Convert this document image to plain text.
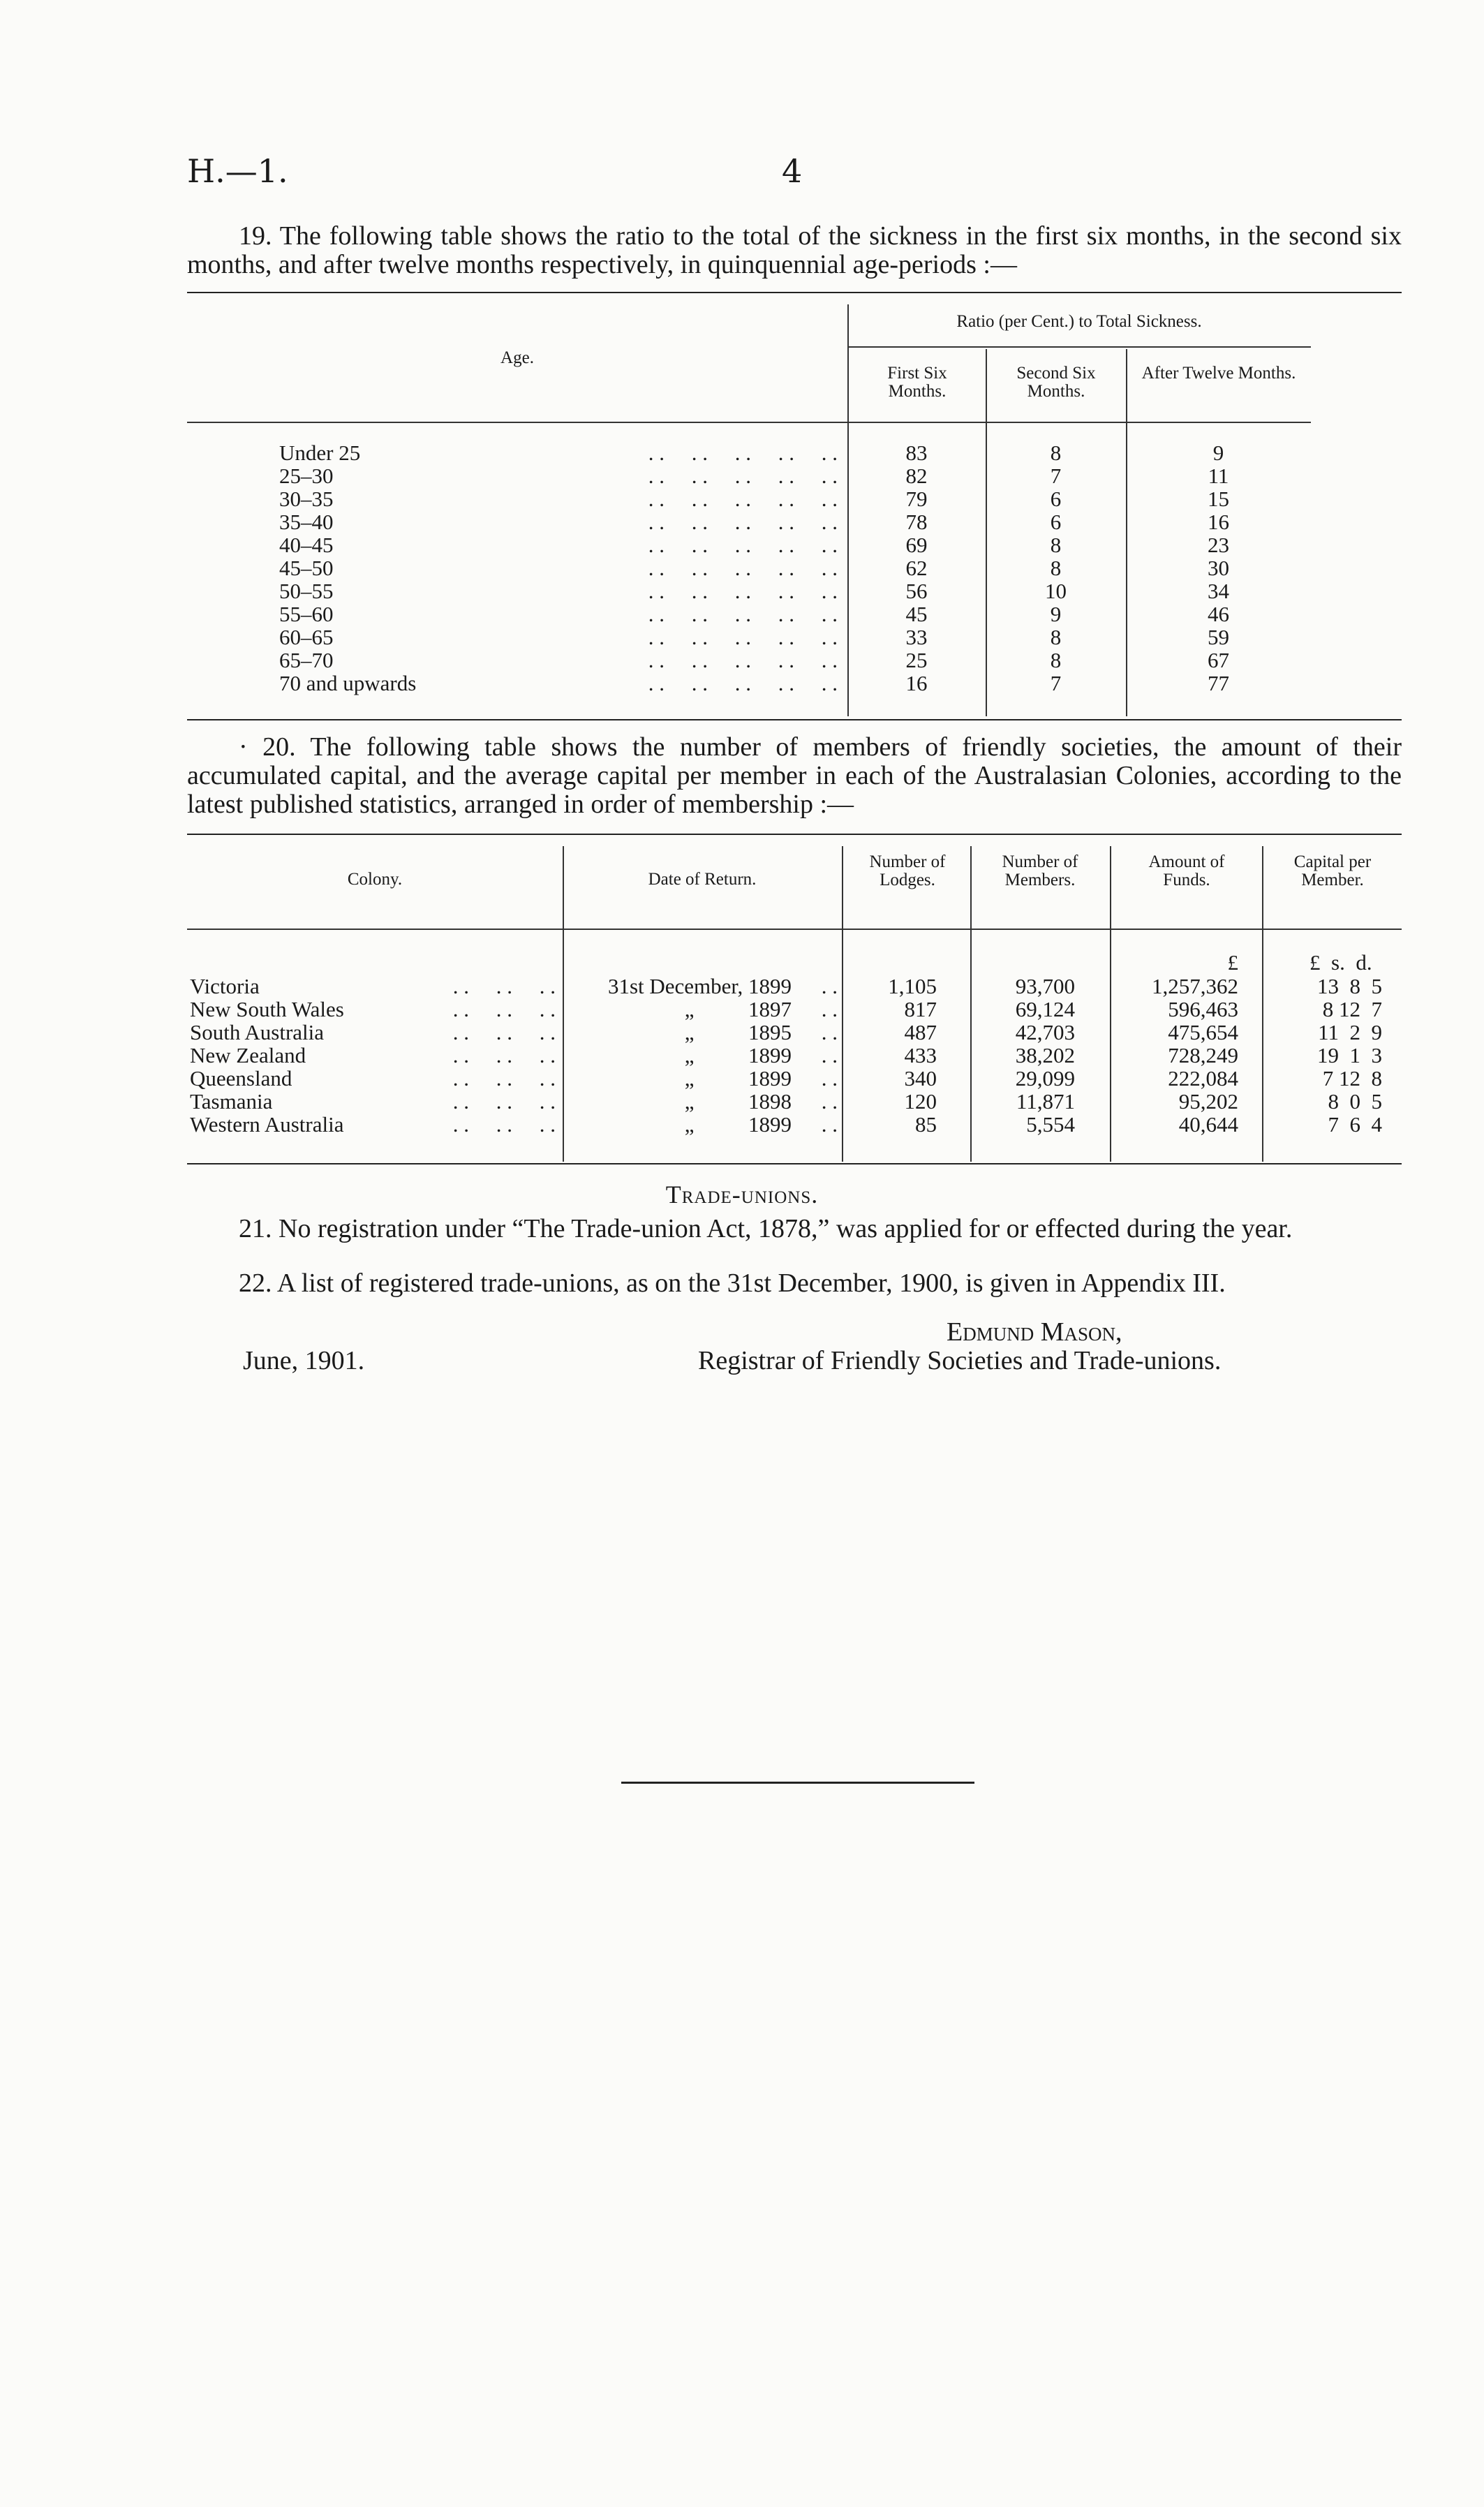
H.—1.	4
19. The following table shows the ratio to the total of the sickness in the first six months, in the second six months, and after twelve months respectively, in quinquennial age-periods :—
Age.
Ratio (per Cent.) to Total Sickness.
First Six Months.
Second Six Months.
After Twelve Months.
Under 25	83	8	9
. .     . .     . .     . .     . .
25–30	82	7	11
. .     . .     . .     . .     . .
30–35	79	6	15
. .     . .     . .     . .     . .
35–40	78	6	16
. .     . .     . .     . .     . .
40–45	69	8	23
. .     . .     . .     . .     . .
45–50	62	8	30
. .     . .     . .     . .     . .
50–55	56	10	34
. .     . .     . .     . .     . .
55–60	45	9	46
. .     . .     . .     . .     . .
60–65	33	8	59
. .     . .     . .     . .     . .
65–70	25	8	67
. .     . .     . .     . .     . .
70 and upwards	16	7	77
. .     . .     . .     . .     . .
· 20. The following table shows the number of members of friendly societies, the amount of their accumulated capital, and the average capital per member in each of the Australasian Colonies, according to the latest published statistics, arranged in order of membership :—
Colony.	Date of Return.
Number of Lodges.
Number of Members.
Amount of Funds.
Capital per Member.
£	£  s.  d.
Victoria	. .     . .     . .	31st December, 1899	. .	1,105	93,700	1,257,362	13  8  5
New South Wales	. .     . .     . .	„          1897	. .	817	69,124	596,463	8 12  7
South Australia	. .     . .     . .	„          1895	. .	487	42,703	475,654	11  2  9
New Zealand	. .     . .     . .	„          1899	. .	433	38,202	728,249	19  1  3
Queensland	. .     . .     . .	„          1899	. .	340	29,099	222,084	7 12  8
Tasmania	. .     . .     . .	„          1898	. .	120	11,871	95,202	8  0  5
Western Australia	. .     . .     . .	„          1899	. .	85	5,554	40,644	7  6  4
Trade-unions.
21. No registration under “The Trade-union Act, 1878,” was applied for or effected during the year.
22. A list of registered trade-unions, as on the 31st December, 1900, is given in Appendix III.
Edmund Mason,
June, 1901.	Registrar of Friendly Societies and Trade-unions.
